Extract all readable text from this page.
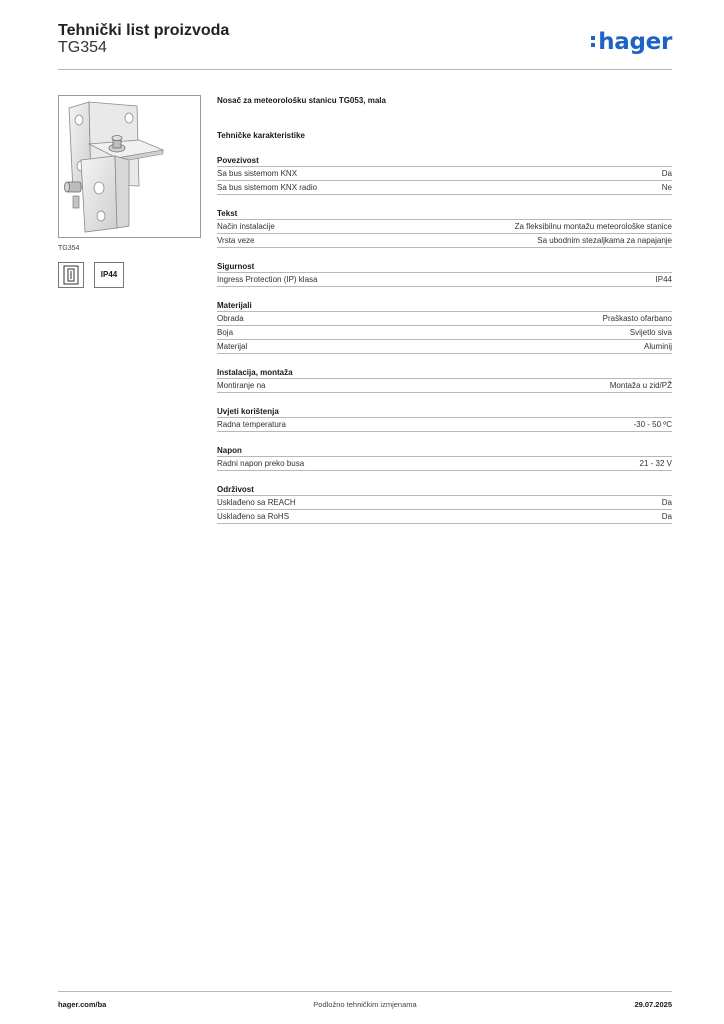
Tehnički list proizvoda
TG354	hager
TG354
IP44
Nosač za meteorološku stanicu TG053, mala
Tehničke karakteristike
Povezivost
Sa bus sistemom KNX	Da
Sa bus sistemom KNX radio	Ne
Tekst
Način instalacije	Za fleksibilnu montažu meteorološke stanice
Vrsta veze	Sa ubodnim stezaljkama za napajanje
Sigurnost
Ingress Protection (IP) klasa	IP44
Materijali
Obrada	Praškasto ofarbano
Boja	Svijetlo siva
Materijal	Aluminij
Instalacija, montaža
Montiranje na	Montaža u zid/PŽ
Uvjeti korištenja
Radna temperatura	-30 - 50 ºC
Napon
Radni napon preko busa	21 - 32 V
Održivost
Usklađeno sa REACH	Da
Usklađeno sa RoHS	Da
hager.com/ba	Podložno tehničkim izmjenama	29.07.2025
